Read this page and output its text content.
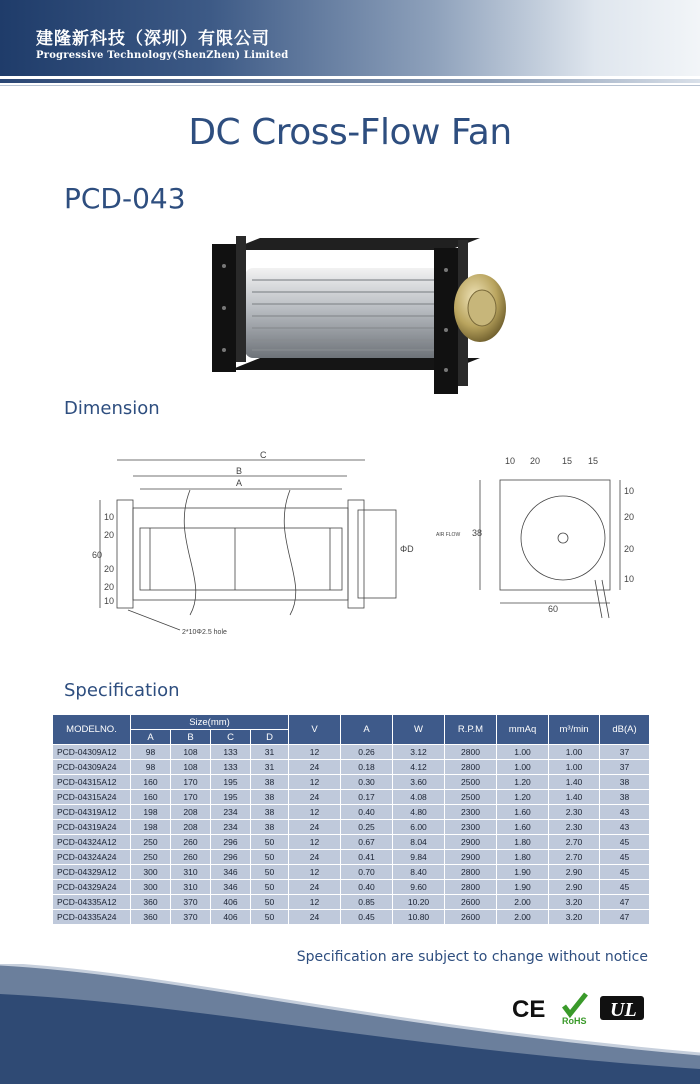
建隆新科技（深圳）有限公司
Progressive Technology(ShenZhen) Limited
DC Cross-Flow Fan
PCD-043
Dimension
C
B
A
ΦD
60
20
20
20
10
10
2*10Φ2.5 hole
10 20 15 15
10
20
20
10
38
60
AIR FLOW
Specification
MODELNO.	Size(mm)				V	A	W	R.P.M	mmAq	m³/min	dB(A)
	A	B	C	D							
PCD-04309A12	98	108	133	31	12	0.26	3.12	2800	1.00	1.00	37
PCD-04309A24	98	108	133	31	24	0.18	4.12	2800	1.00	1.00	37
PCD-04315A12	160	170	195	38	12	0.30	3.60	2500	1.20	1.40	38
PCD-04315A24	160	170	195	38	24	0.17	4.08	2500	1.20	1.40	38
PCD-04319A12	198	208	234	38	12	0.40	4.80	2300	1.60	2.30	43
PCD-04319A24	198	208	234	38	24	0.25	6.00	2300	1.60	2.30	43
PCD-04324A12	250	260	296	50	12	0.67	8.04	2900	1.80	2.70	45
PCD-04324A24	250	260	296	50	24	0.41	9.84	2900	1.80	2.70	45
PCD-04329A12	300	310	346	50	12	0.70	8.40	2800	1.90	2.90	45
PCD-04329A24	300	310	346	50	24	0.40	9.60	2800	1.90	2.90	45
PCD-04335A12	360	370	406	50	12	0.85	10.20	2600	2.00	3.20	47
PCD-04335A24	360	370	406	50	24	0.45	10.80	2600	2.00	3.20	47
Specification are subject to change without notice
CE RoHS UL
